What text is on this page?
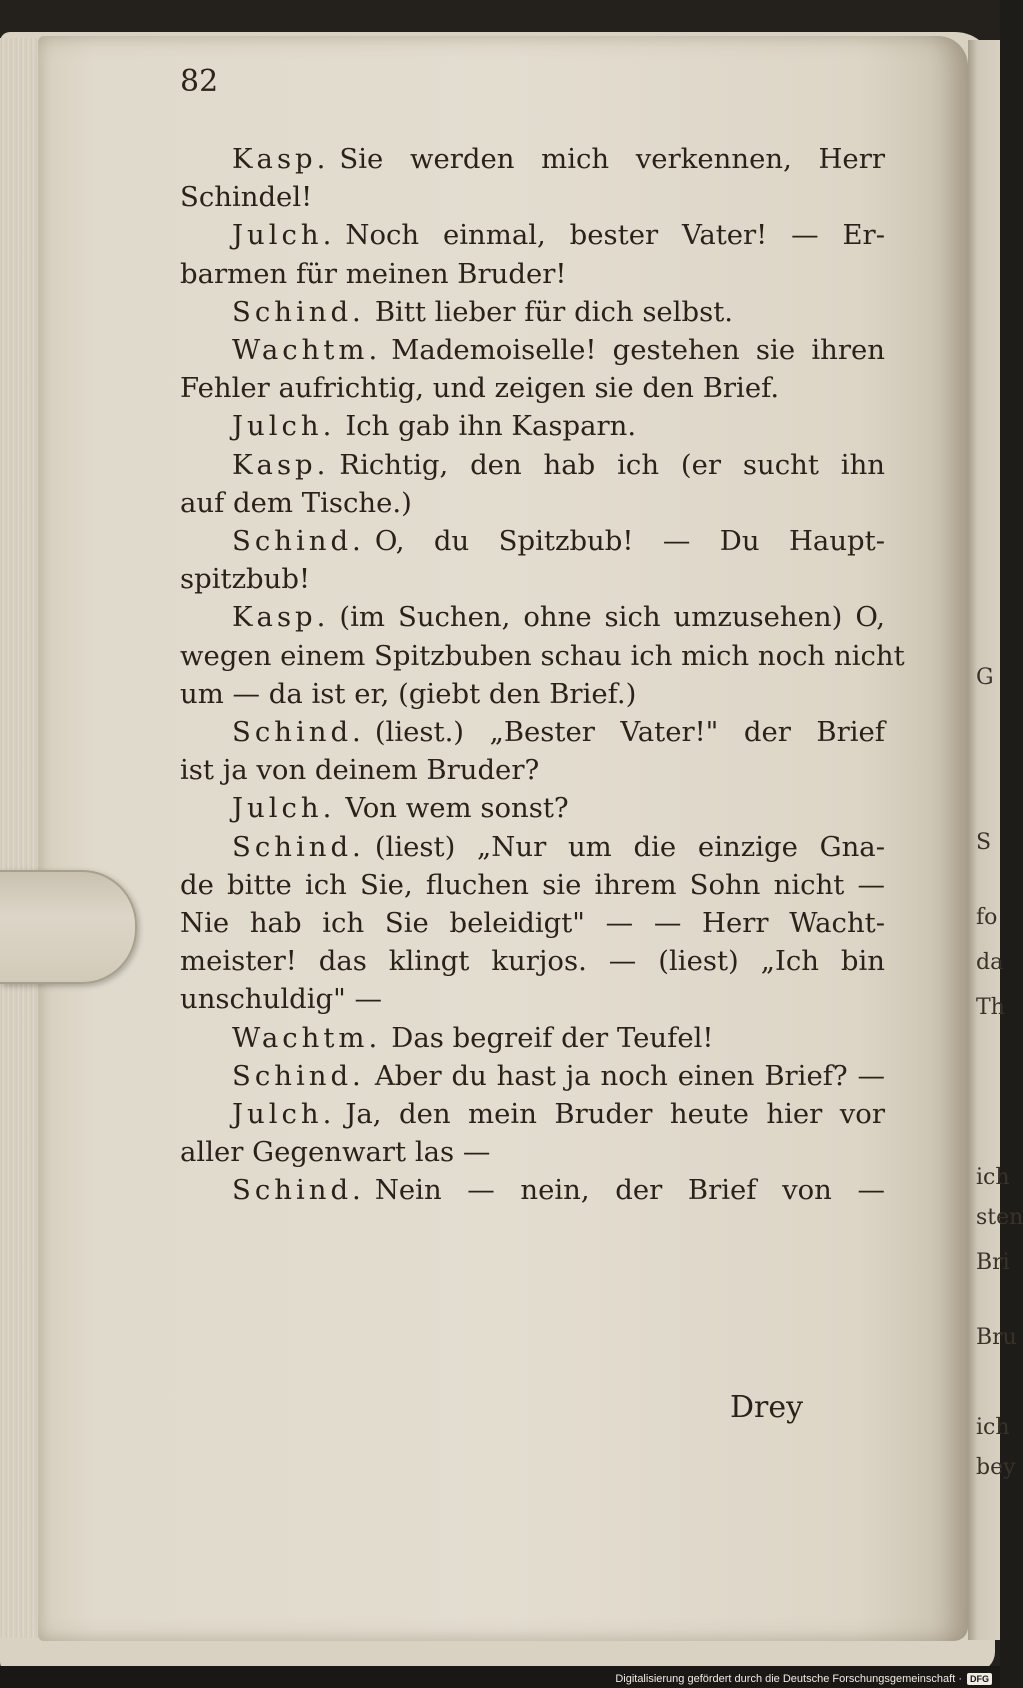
G
S
fo
da
Th
ich
sten
Bri
Bru
ich
bey
82
Kasp. Sie werden mich verkennen, Herr
Schindel!
Julch. Noch einmal, bester Vater! — Er-
barmen für meinen Bruder!
Schind. Bitt lieber für dich selbst.
Wachtm. Mademoiselle! gestehen sie ihren
Fehler aufrichtig, und zeigen sie den Brief.
Julch. Ich gab ihn Kasparn.
Kasp. Richtig, den hab ich (er sucht ihn
auf dem Tische.)
Schind. O, du Spitzbub! — Du Haupt-
spitzbub!
Kasp. (im Suchen, ohne sich umzusehen) O,
wegen einem Spitzbuben schau ich mich noch nicht
um — da ist er, (giebt den Brief.)
Schind. (liest.) „Bester Vater!" der Brief
ist ja von deinem Bruder?
Julch. Von wem sonst?
Schind. (liest) „Nur um die einzige Gna-
de bitte ich Sie, fluchen sie ihrem Sohn nicht —
Nie hab ich Sie beleidigt" — — Herr Wacht-
meister! das klingt kurjos. — (liest) „Ich bin
unschuldig" —
Wachtm. Das begreif der Teufel!
Schind. Aber du hast ja noch einen Brief? —
Julch. Ja, den mein Bruder heute hier vor
aller Gegenwart las —
Schind. Nein — nein, der Brief von —
Drey
Digitalisierung gefördert durch die Deutsche Forschungsgemeinschaft · DFG
